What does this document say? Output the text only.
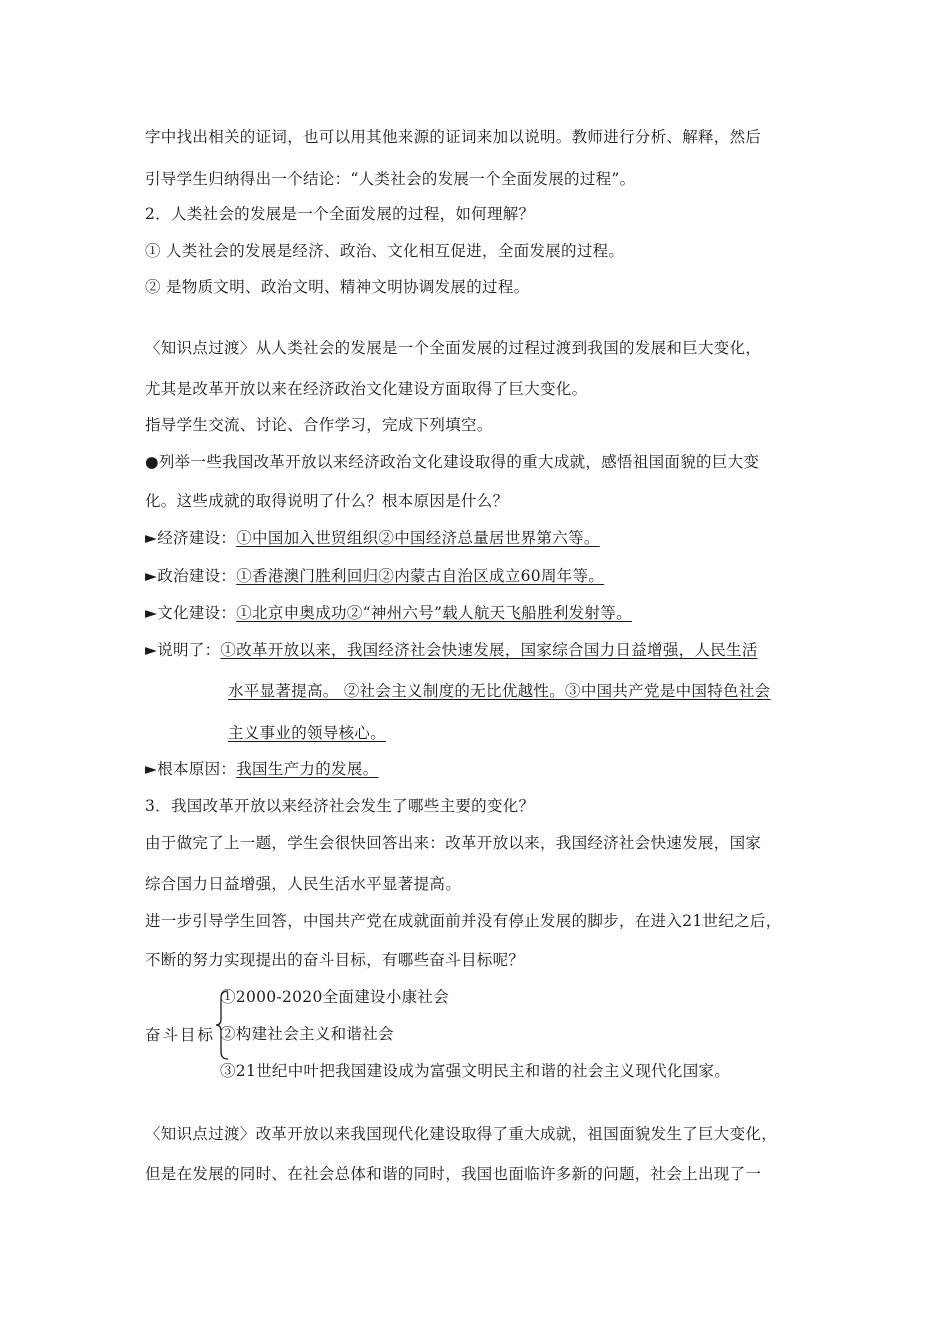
字中找出相关的证词，也可以用其他来源的证词来加以说明。教师进行分析、解释，然后
引导学生归纳得出一个结论：“人类社会的发展一个全面发展的过程”。
2．人类社会的发展是一个全面发展的过程，如何理解？
① 人类社会的发展是经济、政治、文化相互促进，全面发展的过程。
② 是物质文明、政治文明、精神文明协调发展的过程。
〈知识点过渡〉从人类社会的发展是一个全面发展的过程过渡到我国的发展和巨大变化，
尤其是改革开放以来在经济政治文化建设方面取得了巨大变化。
指导学生交流、讨论、合作学习，完成下列填空。
●列举一些我国改革开放以来经济政治文化建设取得的重大成就，感悟祖国面貌的巨大变
化。这些成就的取得说明了什么？根本原因是什么？
►经济建设：①中国加入世贸组织②中国经济总量居世界第六等。
►政治建设：①香港澳门胜利回归②内蒙古自治区成立60周年等。
►文化建设：①北京申奥成功②“神州六号”载人航天飞船胜利发射等。
►说明了：①改革开放以来，我国经济社会快速发展，国家综合国力日益增强，人民生活
水平显著提高。 ②社会主义制度的无比优越性。③中国共产党是中国特色社会
主义事业的领导核心。
►根本原因：我国生产力的发展。
3．我国改革开放以来经济社会发生了哪些主要的变化？
由于做完了上一题，学生会很快回答出来：改革开放以来，我国经济社会快速发展，国家
综合国力日益增强，人民生活水平显著提高。
进一步引导学生回答，中国共产党在成就面前并没有停止发展的脚步，在进入21世纪之后，
不断的努力实现提出的奋斗目标，有哪些奋斗目标呢？
奋斗目标
①2000-2020全面建设小康社会
②构建社会主义和谐社会
③21世纪中叶把我国建设成为富强文明民主和谐的社会主义现代化国家。
〈知识点过渡〉改革开放以来我国现代化建设取得了重大成就，祖国面貌发生了巨大变化，
但是在发展的同时、在社会总体和谐的同时，我国也面临许多新的问题，社会上出现了一
